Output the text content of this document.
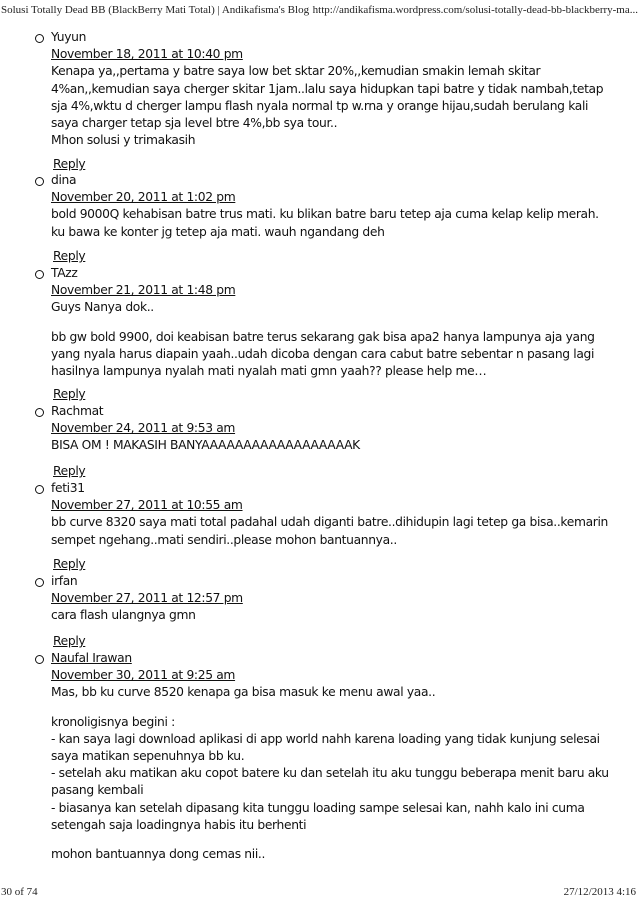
Solusi Totally Dead BB (BlackBerry Mati Total) | Andikafisma's Blog http://andikafisma.wordpress.com/solusi-totally-dead-bb-blackberry-ma...
Yuyun
November 18, 2011 at 10:40 pm

Kenapa ya,,pertama y batre saya low bet sktar 20%,,kemudian smakin lemah skitar 4%an,,kemudian saya cherger skitar 1jam..lalu saya hidupkan tapi batre y tidak nambah,tetap sja 4%,wktu d cherger lampu flash nyala normal tp w.rna y orange hijau,sudah berulang kali saya charger tetap sja level btre 4%,bb sya tour..
Mhon solusi y trimakasih

Reply
dina
November 20, 2011 at 1:02 pm

bold 9000Q kehabisan batre trus mati. ku blikan batre baru tetep aja cuma kelap kelip merah. ku bawa ke konter jg tetep aja mati. wauh ngandang deh

Reply
TAzz
November 21, 2011 at 1:48 pm

Guys Nanya dok..

bb gw bold 9900, doi keabisan batre terus sekarang gak bisa apa2 hanya lampunya aja yang yang nyala harus diapain yaah..udah dicoba dengan cara cabut batre sebentar n pasang lagi hasilnya lampunya nyalah mati nyalah mati gmn yaah?? please help me…

Reply
Rachmat
November 24, 2011 at 9:53 am

BISA OM ! MAKASIH BANYAAAAAAAAAAAAAAAAAAK

Reply
feti31
November 27, 2011 at 10:55 am

bb curve 8320 saya mati total padahal udah diganti batre..dihidupin lagi tetep ga bisa..kemarin sempet ngehang..mati sendiri..please mohon bantuannya..

Reply
irfan
November 27, 2011 at 12:57 pm

cara flash ulangnya gmn

Reply
Naufal Irawan
November 30, 2011 at 9:25 am

Mas, bb ku curve 8520 kenapa ga bisa masuk ke menu awal yaa..

kronoligisnya begini :
- kan saya lagi download aplikasi di app world nahh karena loading yang tidak kunjung selesai saya matikan sepenuhnya bb ku.
- setelah aku matikan aku copot batere ku dan setelah itu aku tunggu beberapa menit baru aku pasang kembali
- biasanya kan setelah dipasang kita tunggu loading sampe selesai kan, nahh kalo ini cuma setengah saja loadingnya habis itu berhenti

mohon bantuannya dong cemas nii..

30 of 74	27/12/2013 4:16
